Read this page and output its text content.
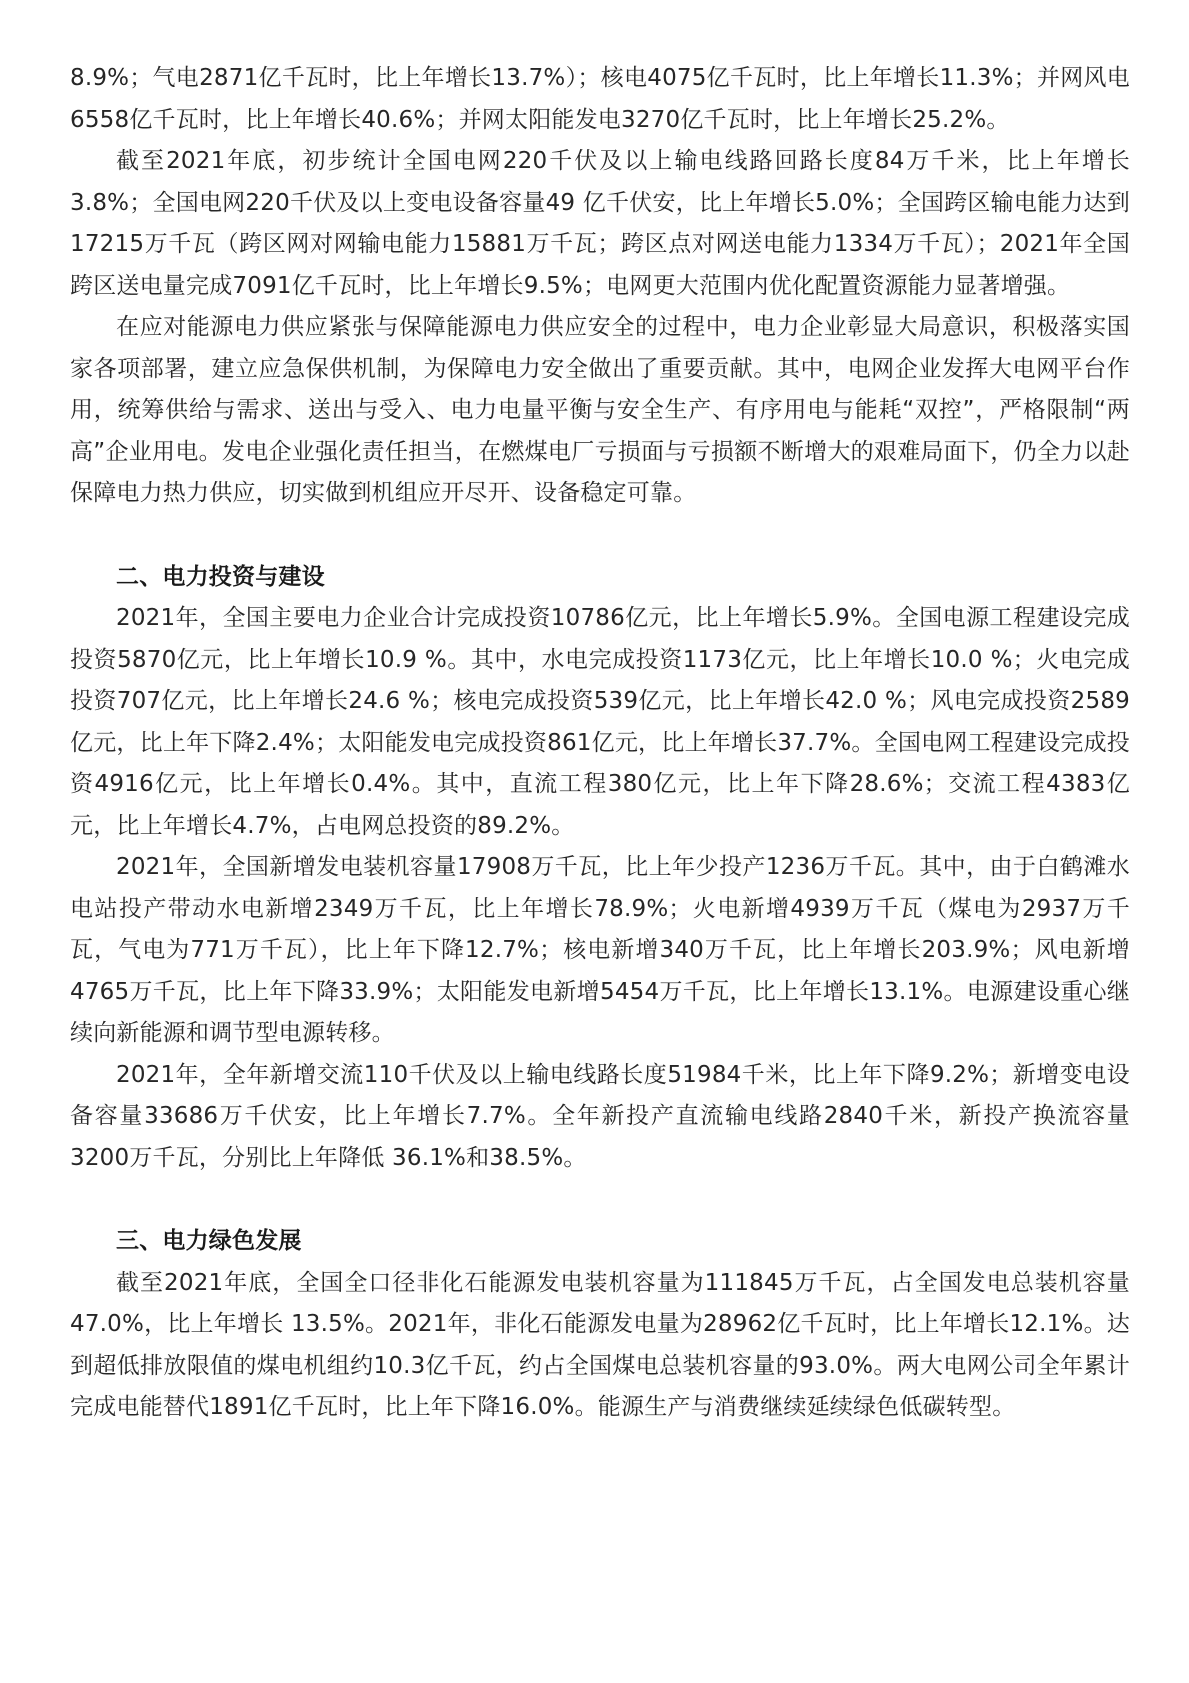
8.9%；气电2871亿千瓦时，比上年增长13.7%）；核电4075亿千瓦时，比上年增长11.3%；并网风电6558亿千瓦时，比上年增长40.6%；并网太阳能发电3270亿千瓦时，比上年增长25.2%。

截至2021年底，初步统计全国电网220千伏及以上输电线路回路长度84万千米，比上年增长3.8%；全国电网220千伏及以上变电设备容量49 亿千伏安，比上年增长5.0%；全国跨区输电能力达到17215万千瓦（跨区网对网输电能力15881万千瓦；跨区点对网送电能力1334万千瓦）；2021年全国跨区送电量完成7091亿千瓦时，比上年增长9.5%；电网更大范围内优化配置资源能力显著增强。

在应对能源电力供应紧张与保障能源电力供应安全的过程中，电力企业彰显大局意识，积极落实国家各项部署，建立应急保供机制，为保障电力安全做出了重要贡献。其中，电网企业发挥大电网平台作用，统筹供给与需求、送出与受入、电力电量平衡与安全生产、有序用电与能耗“双控”，严格限制“两高”企业用电。发电企业强化责任担当，在燃煤电厂亏损面与亏损额不断增大的艰难局面下，仍全力以赴保障电力热力供应，切实做到机组应开尽开、设备稳定可靠。

二、电力投资与建设

2021年，全国主要电力企业合计完成投资10786亿元，比上年增长5.9%。全国电源工程建设完成投资5870亿元，比上年增长10.9 %。其中，水电完成投资1173亿元，比上年增长10.0 %；火电完成投资707亿元，比上年增长24.6 %；核电完成投资539亿元，比上年增长42.0 %；风电完成投资2589亿元，比上年下降2.4%；太阳能发电完成投资861亿元，比上年增长37.7%。全国电网工程建设完成投资4916亿元，比上年增长0.4%。其中，直流工程380亿元，比上年下降28.6%；交流工程4383亿元，比上年增长4.7%，占电网总投资的89.2%。

2021年，全国新增发电装机容量17908万千瓦，比上年少投产1236万千瓦。其中，由于白鹤滩水电站投产带动水电新增2349万千瓦，比上年增长78.9%；火电新增4939万千瓦（煤电为2937万千瓦，气电为771万千瓦），比上年下降12.7%；核电新增340万千瓦，比上年增长203.9%；风电新增4765万千瓦，比上年下降33.9%；太阳能发电新增5454万千瓦，比上年增长13.1%。电源建设重心继续向新能源和调节型电源转移。

2021年，全年新增交流110千伏及以上输电线路长度51984千米，比上年下降9.2%；新增变电设备容量33686万千伏安，比上年增长7.7%。全年新投产直流输电线路2840千米，新投产换流容量3200万千瓦，分别比上年降低 36.1%和38.5%。

三、电力绿色发展

截至2021年底，全国全口径非化石能源发电装机容量为111845万千瓦，占全国发电总装机容量47.0%，比上年增长 13.5%。2021年，非化石能源发电量为28962亿千瓦时，比上年增长12.1%。达到超低排放限值的煤电机组约10.3亿千瓦，约占全国煤电总装机容量的93.0%。两大电网公司全年累计完成电能替代1891亿千瓦时，比上年下降16.0%。能源生产与消费继续延续绿色低碳转型。
